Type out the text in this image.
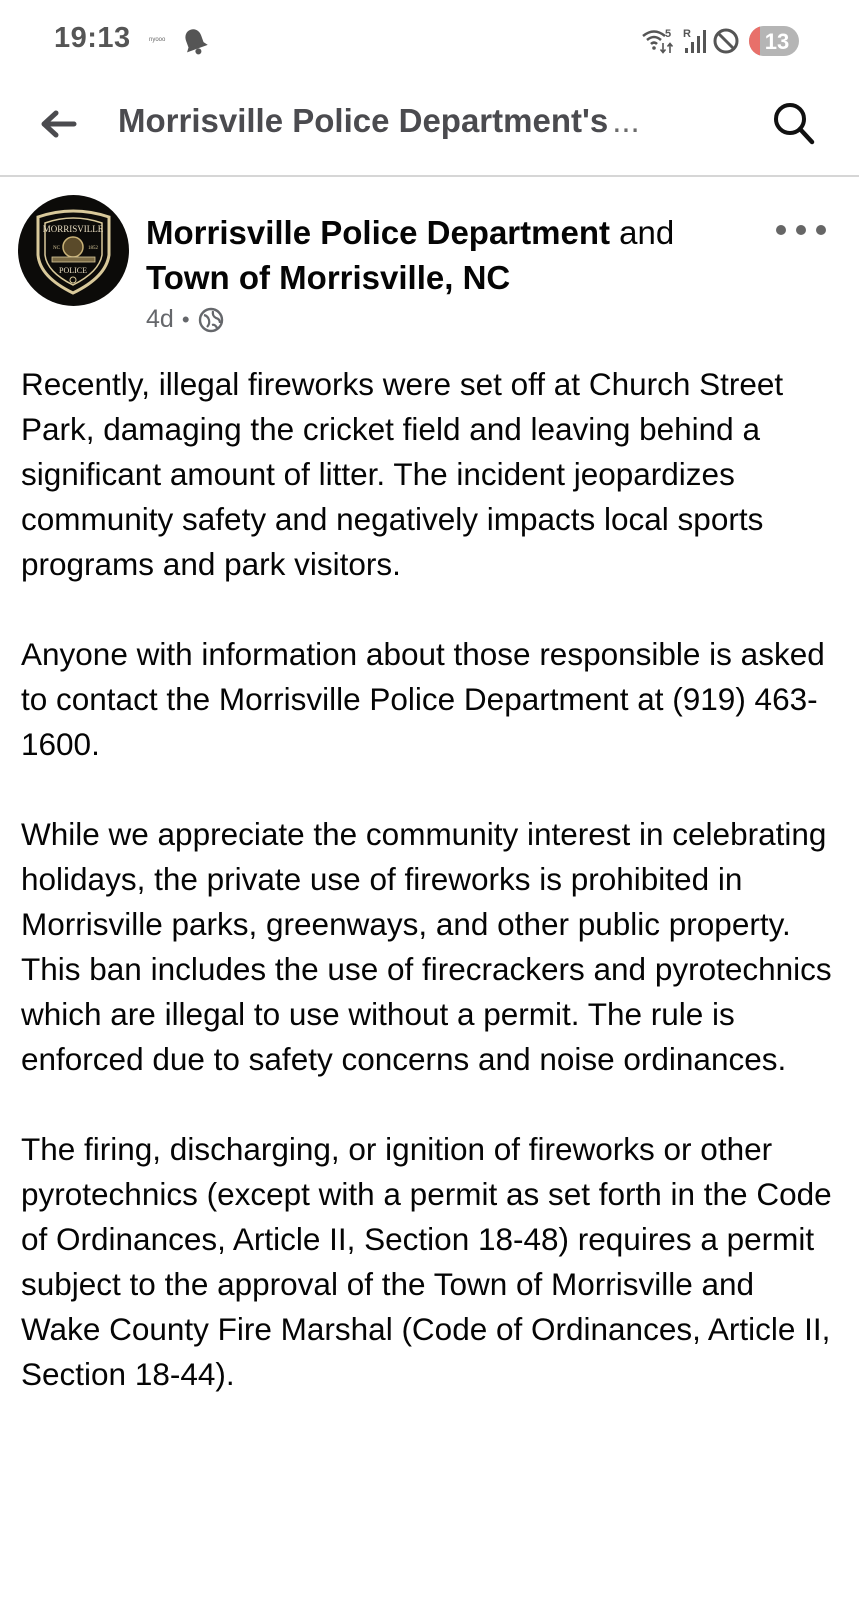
19:13	nyooo	5 R	13
Morrisville Police Department's ...
MORRISVILLE
NC	1852
POLICE
Morrisville Police Department and Town of Morrisville, NC
4d •

Recently, illegal fireworks were set off at Church Street Park, damaging the cricket field and leaving behind a significant amount of litter. The incident jeopardizes community safety and negatively impacts local sports programs and park visitors.

Anyone with information about those responsible is asked to contact the Morrisville Police Department at (919) 463-1600.

While we appreciate the community interest in celebrating holidays, the private use of fireworks is prohibited in Morrisville parks, greenways, and other public property. This ban includes the use of firecrackers and pyrotechnics which are illegal to use without a permit. The rule is enforced due to safety concerns and noise ordinances.

The firing, discharging, or ignition of fireworks or other pyrotechnics (except with a permit as set forth in the Code of Ordinances, Article II, Section 18-48) requires a permit subject to the approval of the Town of Morrisville and Wake County Fire Marshal (Code of Ordinances, Article II, Section 18-44).
